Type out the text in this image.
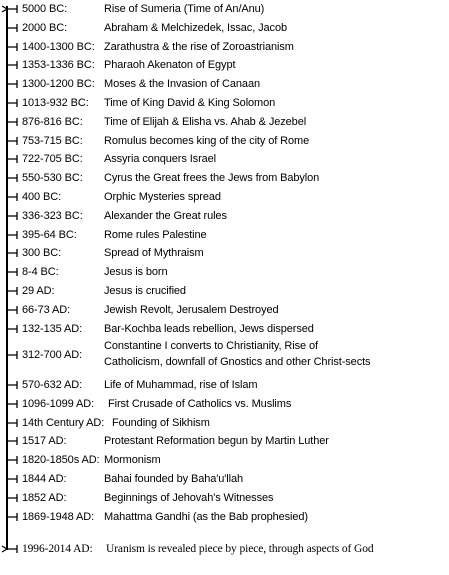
5000 BC:	Rise of Sumeria (Time of An/Anu)
2000 BC:	Abraham & Melchizedek, Issac, Jacob
1400-1300 BC: Zarathustra & the rise of Zoroastrianism
1353-1336 BC: Pharaoh Akenaton of Egypt
1300-1200 BC: Moses & the Invasion of Canaan
1013-932 BC: Time of King David & King Solomon
876-816 BC: Time of Elijah & Elisha vs. Ahab & Jezebel
753-715 BC: Romulus becomes king of the city of Rome
722-705 BC: Assyria conquers Israel
550-530 BC: Cyrus the Great frees the Jews from Babylon
400 BC:	Orphic Mysteries spread
336-323 BC: Alexander the Great rules
395-64 BC: Rome rules Palestine
300 BC:	Spread of Mythraism
8-4 BC:	Jesus is born
29 AD:	Jesus is crucified
66-73 AD:	Jewish Revolt, Jerusalem Destroyed
132-135 AD: Bar-Kochba leads rebellion, Jews dispersed
312-700 AD:
Constantine I converts to Christianity, Rise of
Catholicism, downfall of Gnostics and other Christ-sects
570-632 AD: Life of Muhammad, rise of Islam
1096-1099 AD: First Crusade of Catholics vs. Muslims
14th Century AD: Founding of Sikhism
1517 AD:	Protestant Reformation begun by Martin Luther
1820-1850s AD: Mormonism
1844 AD:	Bahai founded by Baha'u'llah
1852 AD:	Beginnings of Jehovah's Witnesses
1869-1948 AD: Mahattma Gandhi (as the Bab prophesied)
1996-2014 AD: Uranism is revealed piece by piece, through aspects of God
